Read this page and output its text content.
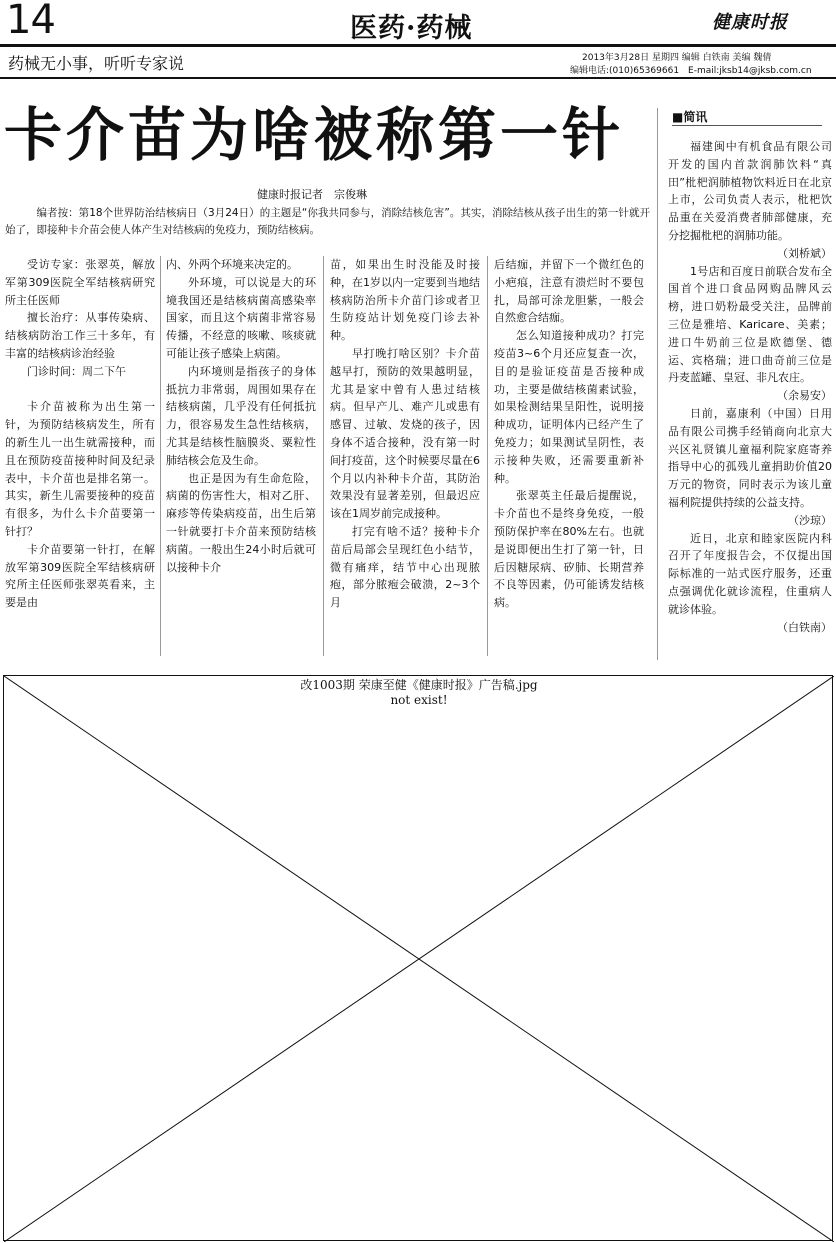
14	医药·药械	健康时报
药械无小事，听听专家说	2013年3月28日 星期四 编辑 白铁南 美编 魏倩
编辑电话:(010)65369661　E-mail:jksb14@jksb.com.cn
卡介苗为啥被称第一针
健康时报记者　宗俊琳
编者按：第18个世界防治结核病日（3月24日）的主题是“你我共同参与，消除结核危害”。其实，消除结核从孩子出生的第一针就开始了，即接种卡介苗会使人体产生对结核病的免疫力，预防结核病。

受访专家：张翠英，解放军第309医院全军结核病研究所主任医师

擅长治疗：从事传染病、结核病防治工作三十多年，有丰富的结核病诊治经验

门诊时间：周二下午

卡介苗被称为出生第一针，为预防结核病发生，所有的新生儿一出生就需接种，而且在预防疫苗接种时间及纪录表中，卡介苗也是排名第一。其实，新生儿需要接种的疫苗有很多，为什么卡介苗要第一针打？

卡介苗要第一针打，在解放军第309医院全军结核病研究所主任医师张翠英看来，主要是由

内、外两个环境来决定的。

外环境，可以说是大的环境我国还是结核病菌高感染率国家，而且这个病菌非常容易传播，不经意的咳嗽、咳痰就可能让孩子感染上病菌。

内环境则是指孩子的身体抵抗力非常弱，周围如果存在结核病菌，几乎没有任何抵抗力，很容易发生急性结核病，尤其是结核性脑膜炎、粟粒性肺结核会危及生命。

也正是因为有生命危险，病菌的伤害性大，相对乙肝、麻疹等传染病疫苗，出生后第一针就要打卡介苗来预防结核病菌。一般出生24小时后就可以接种卡介

苗，如果出生时没能及时接种，在1岁以内一定要到当地结核病防治所卡介苗门诊或者卫生防疫站计划免疫门诊去补种。

早打晚打啥区别？卡介苗越早打，预防的效果越明显，尤其是家中曾有人患过结核病。但早产儿、难产儿或患有感冒、过敏、发烧的孩子，因身体不适合接种，没有第一时间打疫苗，这个时候要尽量在6个月以内补种卡介苗，其防治效果没有显著差别，但最迟应该在1周岁前完成接种。

打完有啥不适？接种卡介苗后局部会呈现红色小结节，微有痛痒，结节中心出现脓疱，部分脓疱会破溃，2~3个月

后结痂，并留下一个微红色的小疤痕，注意有溃烂时不要包扎，局部可涂龙胆紫，一般会自然愈合结痂。

怎么知道接种成功？打完疫苗3~6个月还应复查一次，目的是验证疫苗是否接种成功，主要是做结核菌素试验，如果检测结果呈阳性，说明接种成功，证明体内已经产生了免疫力；如果测试呈阴性，表示接种失败，还需要重新补种。

张翠英主任最后提醒说，卡介苗也不是终身免疫，一般预防保护率在80%左右。也就是说即便出生打了第一针，日后因糖尿病、矽肺、长期营养不良等因素，仍可能诱发结核病。

■简讯

福建闽中有机食品有限公司开发的国内首款润肺饮料“真田”枇杷润肺植物饮料近日在北京上市，公司负责人表示，枇杷饮品重在关爱消费者肺部健康，充分挖掘枇杷的润肺功能。

（刘桥斌）

1号店和百度日前联合发布全国首个进口食品网购品牌风云榜，进口奶粉最受关注，品牌前三位是雅培、Karicare、美素；进口牛奶前三位是欧德堡、德运、宾格瑞；进口曲奇前三位是丹麦蓝罐、皇冠、非凡农庄。

（余易安）

日前，嘉康利（中国）日用品有限公司携手经销商向北京大兴区礼贤镇儿童福利院家庭寄养指导中心的孤残儿童捐助价值20万元的物资，同时表示为该儿童福利院提供持续的公益支持。

（沙琼）

近日，北京和睦家医院内科召开了年度报告会，不仅提出国际标准的一站式医疗服务，还重点强调优化就诊流程，住重病人就诊体验。

（白铁南）

改1003期 荣康至健《健康时报》广告稿.jpg
not exist!
